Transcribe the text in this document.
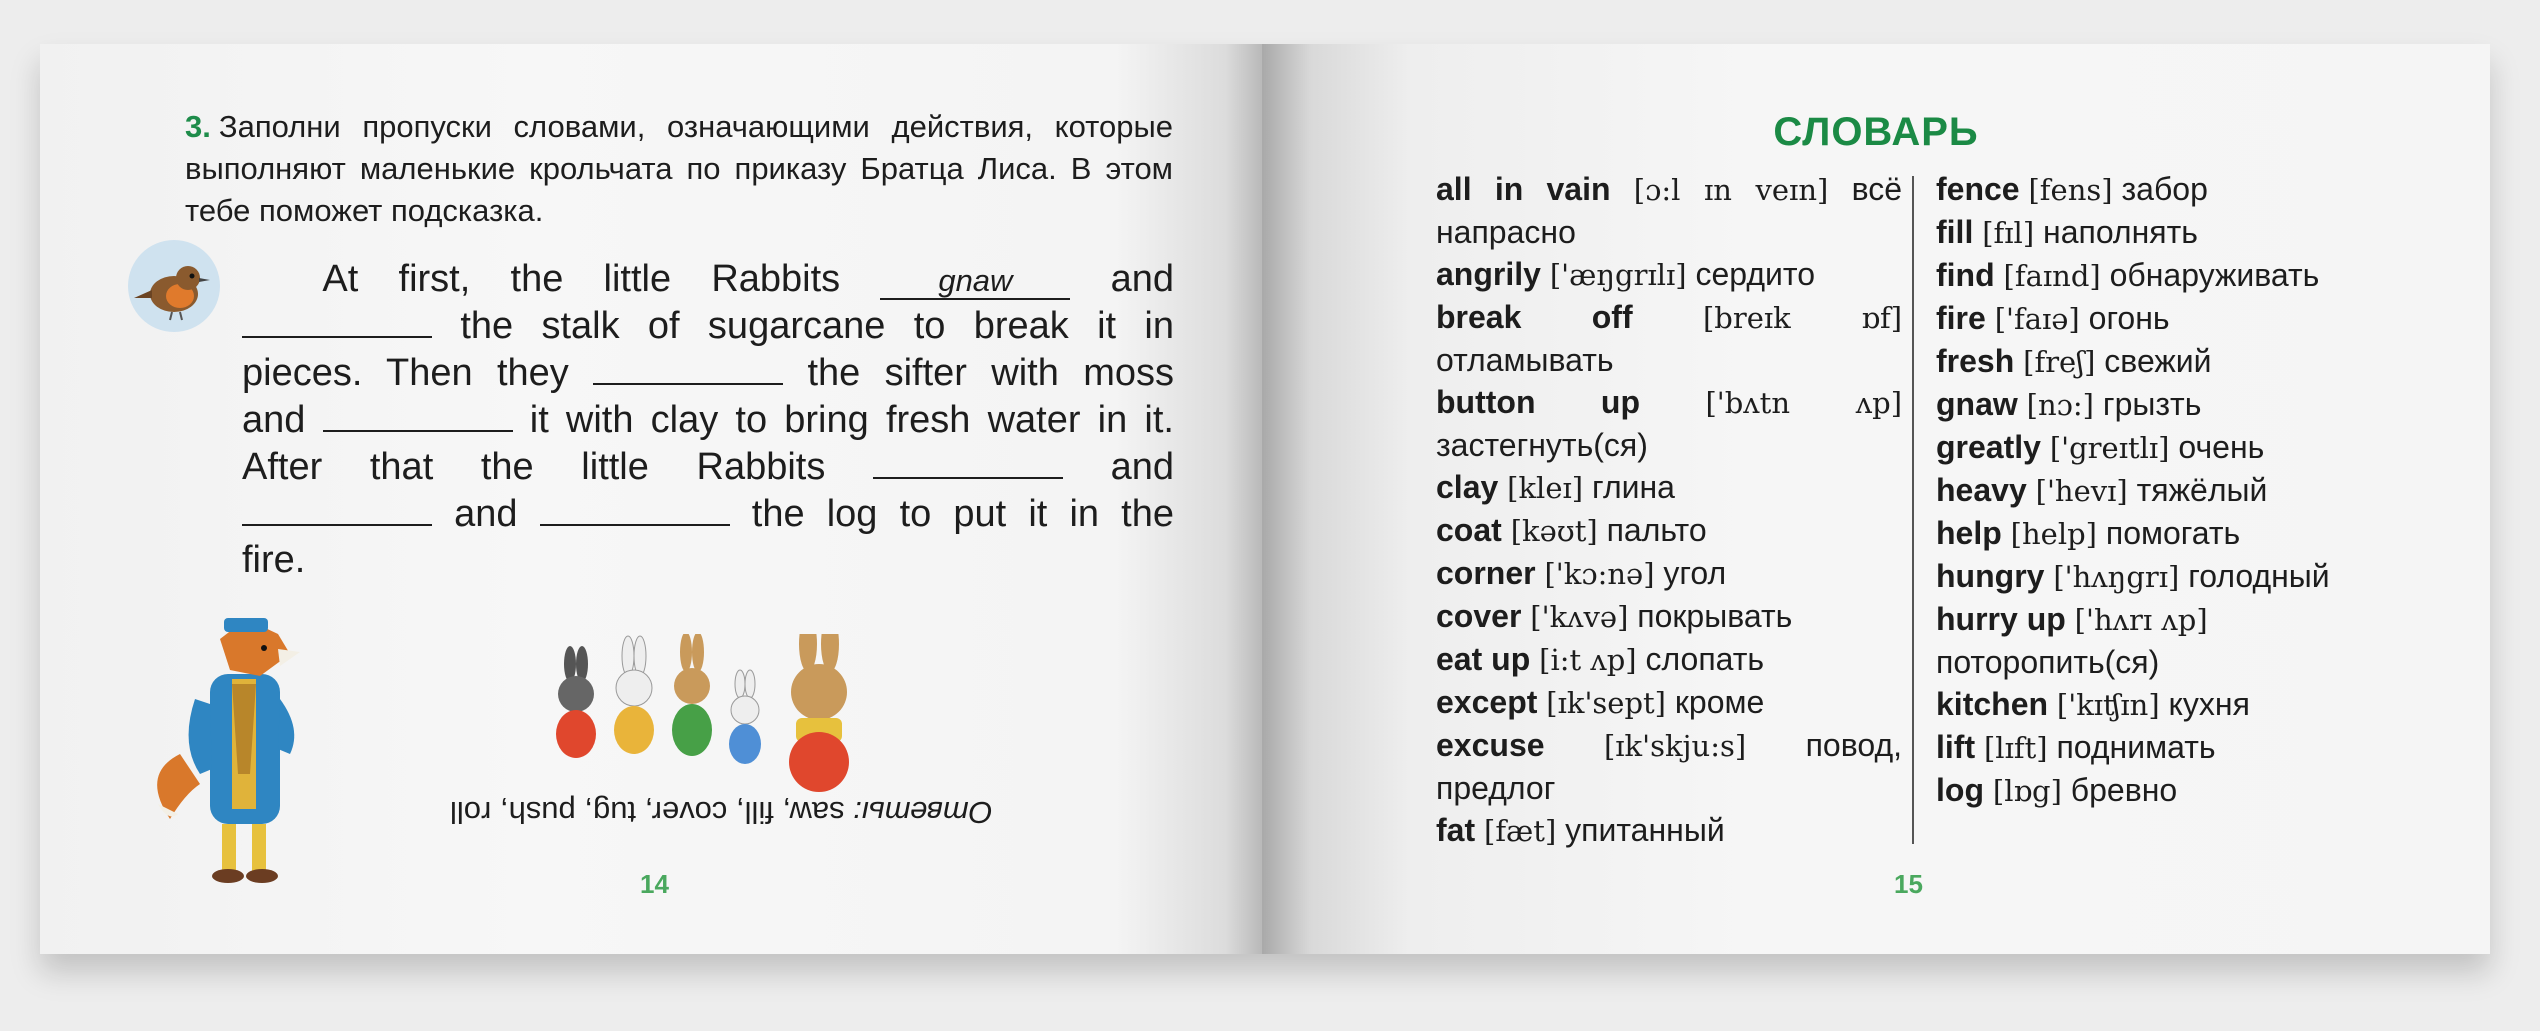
3. Заполни пропуски словами, означающими действия, которые выполняют маленькие крольчата по приказу Братца Лиса. В этом тебе поможет подсказка.
At first, the little Rabbits	gnaw	and  the stalk of sugarcane to break it in pieces. Then they	the sifter with moss and	it with clay to bring fresh water in it. After that the little Rabbits	and  and	the log to put it in the fire.
Ответы: saw, fill, cover, tug, push, roll
14
СЛОВАРЬ

all in vain [ɔ:l ɪn veɪn] всё напрасно

angrily ['æŋgrɪlɪ] сердито

break off [breɪk ɒf] отламывать

button up ['bʌtn ʌp] застегнуть(ся)

clay [kleɪ] глина

coat [kəʊt] пальто

corner ['kɔ:nə] угол

cover ['kʌvə] покрывать

eat up [i:t ʌp] слопать

except [ɪk'sept] кроме

excuse [ɪk'skju:s] повод, предлог

fat [fæt] упитанный

fence [fens] забор

fill [fɪl] наполнять

find [faɪnd] обнаруживать

fire ['faɪə] огонь

fresh [freʃ] свежий

gnaw [nɔ:] грызть

greatly ['greɪtlɪ] очень

heavy ['hevɪ] тяжёлый

help [help] помогать

hungry ['hʌŋgrɪ] голодный

hurry up ['hʌrɪ ʌp] поторопить(ся)

kitchen ['kɪʧɪn] кухня

lift [lɪft] поднимать

log [lɒg] бревно

15
